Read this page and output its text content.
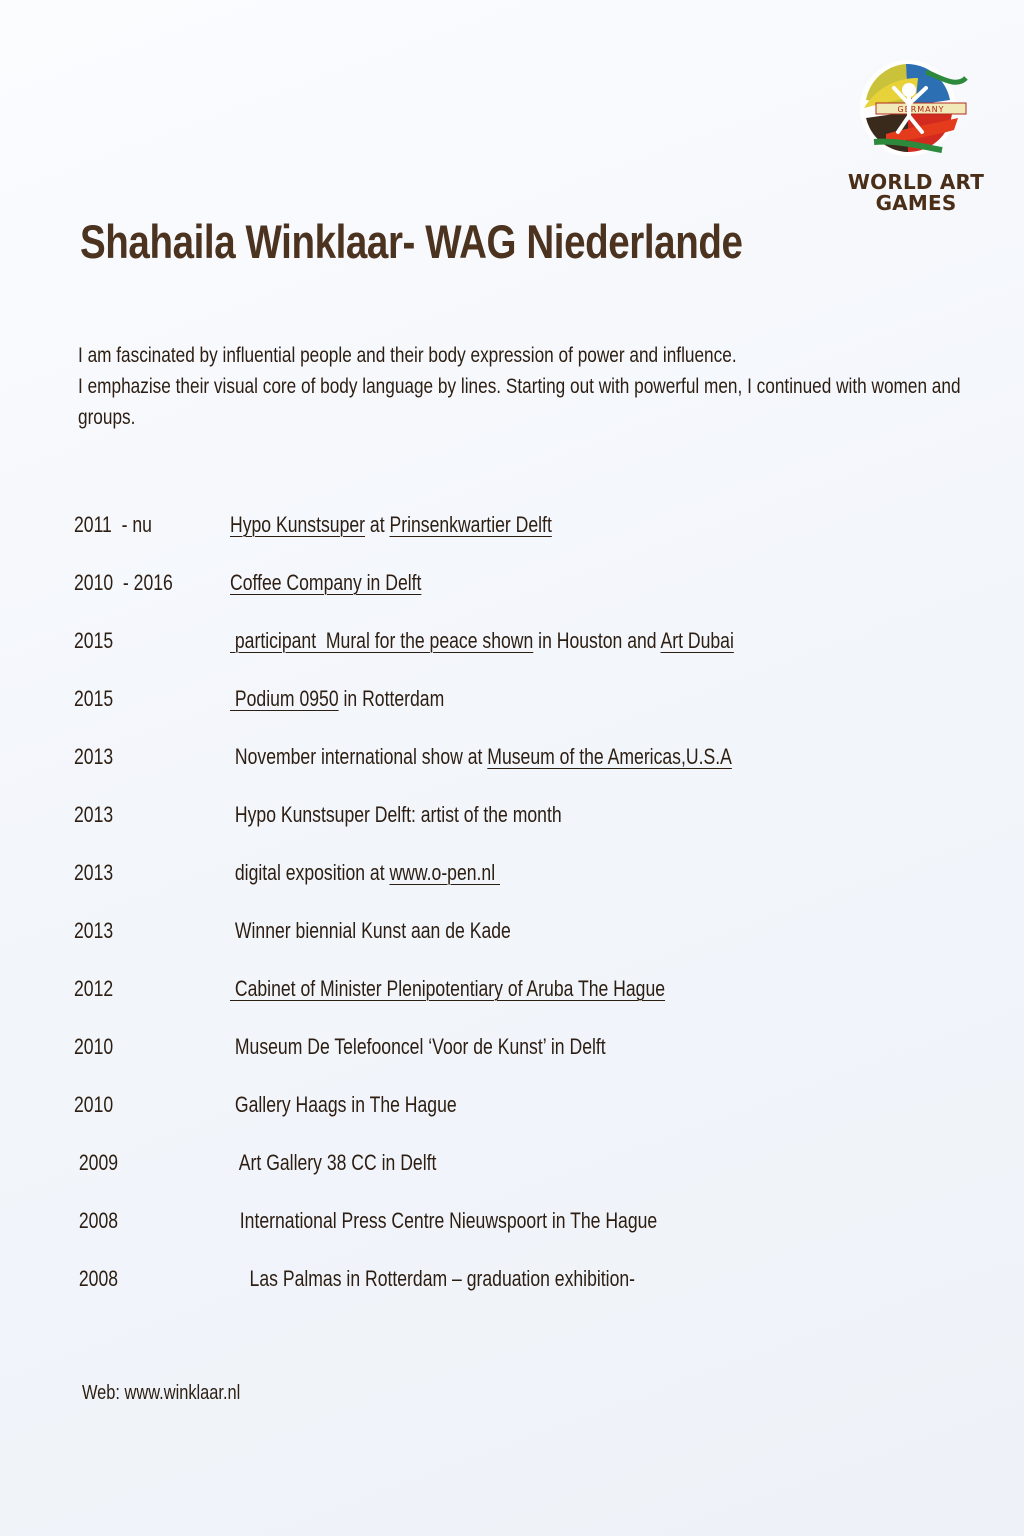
GERMANY
WORLD ART
GAMES
Shahaila Winklaar- WAG Niederlande

I am fascinated by influential people and their body expression of power and influence.

I emphazise their visual core of body language by lines. Starting out with powerful men, I continued with women and

groups.

2011  - nu	Hypo Kunstsuper at Prinsenkwartier Delft
2010  - 2016	Coffee Company in Delft
2015	participant  Mural for the peace shown in Houston and Art Dubai
2015	Podium 0950 in Rotterdam
2013	November international show at Museum of the Americas,U.S.A
2013	Hypo Kunstsuper Delft: artist of the month
2013	digital exposition at www.o-pen.nl
2013	Winner biennial Kunst aan de Kade
2012	Cabinet of Minister Plenipotentiary of Aruba The Hague
2010	Museum De Telefooncel ‘Voor de Kunst’ in Delft
2010	Gallery Haags in The Hague
2009	Art Gallery 38 CC in Delft
2008	International Press Centre Nieuwspoort in The Hague
2008	Las Palmas in Rotterdam – graduation exhibition-
Web: www.winklaar.nl
